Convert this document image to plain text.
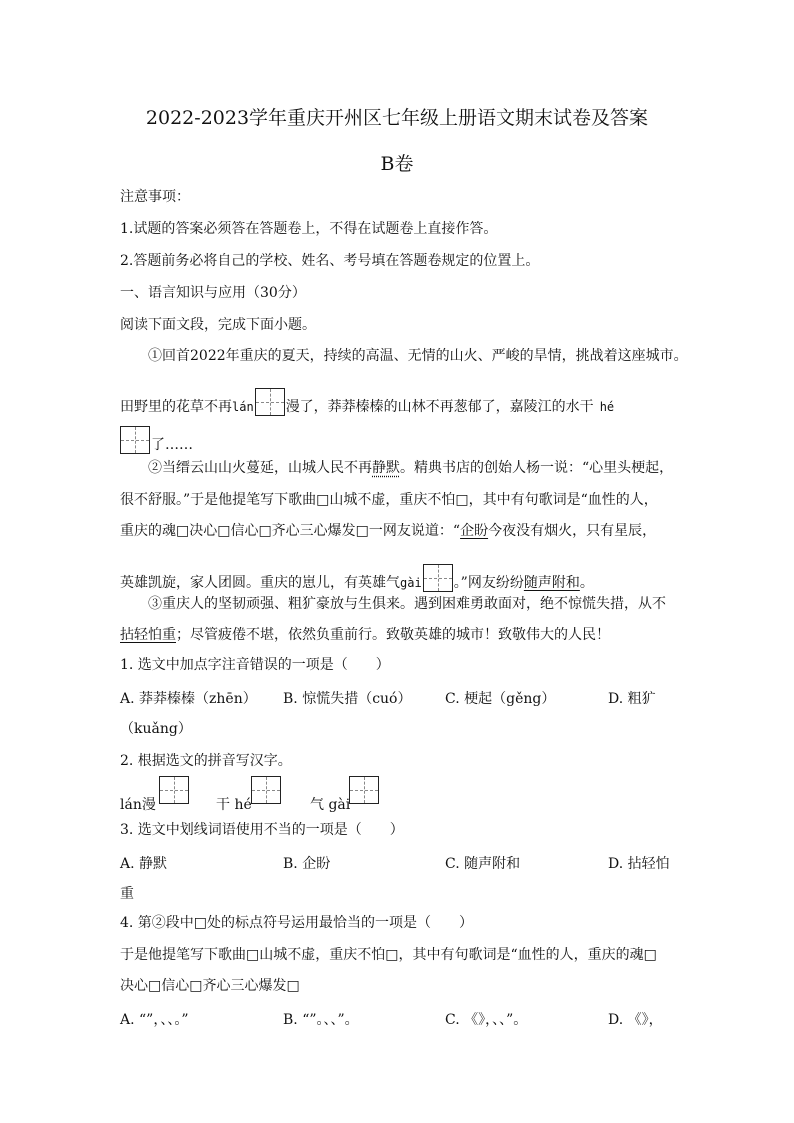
2022-2023学年重庆开州区七年级上册语文期末试卷及答案
B卷
注意事项：
1.试题的答案必须答在答题卷上，不得在试题卷上直接作答。
2.答题前务必将自己的学校、姓名、考号填在答题卷规定的位置上。
一、语言知识与应用（30分）
阅读下面文段，完成下面小题。
①回首2022年重庆的夏天，持续的高温、无情的山火、严峻的旱情，挑战着这座城市。
田野里的花草不再lán 漫了，莽莽榛榛的山林不再葱郁了，嘉陵江的水干 hé
了……
②当缙云山山火蔓延，山城人民不再静默。精典书店的创始人杨一说：“心里头梗起，
很不舒服。”于是他提笔写下歌曲□山城不虚，重庆不怕□，其中有句歌词是“血性的人，
重庆的魂□决心□信心□齐心三心爆发□一网友说道：“企盼今夜没有烟火，只有星辰，
英雄凯旋，家人团圆。重庆的崽儿，有英雄气gài 。”网友纷纷随声附和。
③重庆人的坚韧顽强、粗犷豪放与生俱来。遇到困难勇敢面对，绝不惊慌失措，从不
拈轻怕重；尽管疲倦不堪，依然负重前行。致敬英雄的城市！致敬伟大的人民！
1. 选文中加点字注音错误的一项是（　　）
A. 莽莽榛榛（zhēn） B. 惊慌失措（cuó） C. 梗起（gěng）	D. 粗犷
（kuǎng）
2. 根据选文的拼音写汉字。
lán漫	干 hé	气 gài
3. 选文中划线词语使用不当的一项是（　　）
A. 静默	B. 企盼	C. 随声附和	D. 拈轻怕
重
4. 第②段中□处的标点符号运用最恰当的一项是（　　）
于是他提笔写下歌曲□山城不虚，重庆不怕□，其中有句歌词是“血性的人，重庆的魂□
决心□信心□齐心三心爆发□
A. “”，、、。”	B. “”。、、”。	C. 《》，、、”。	D. 《》，
